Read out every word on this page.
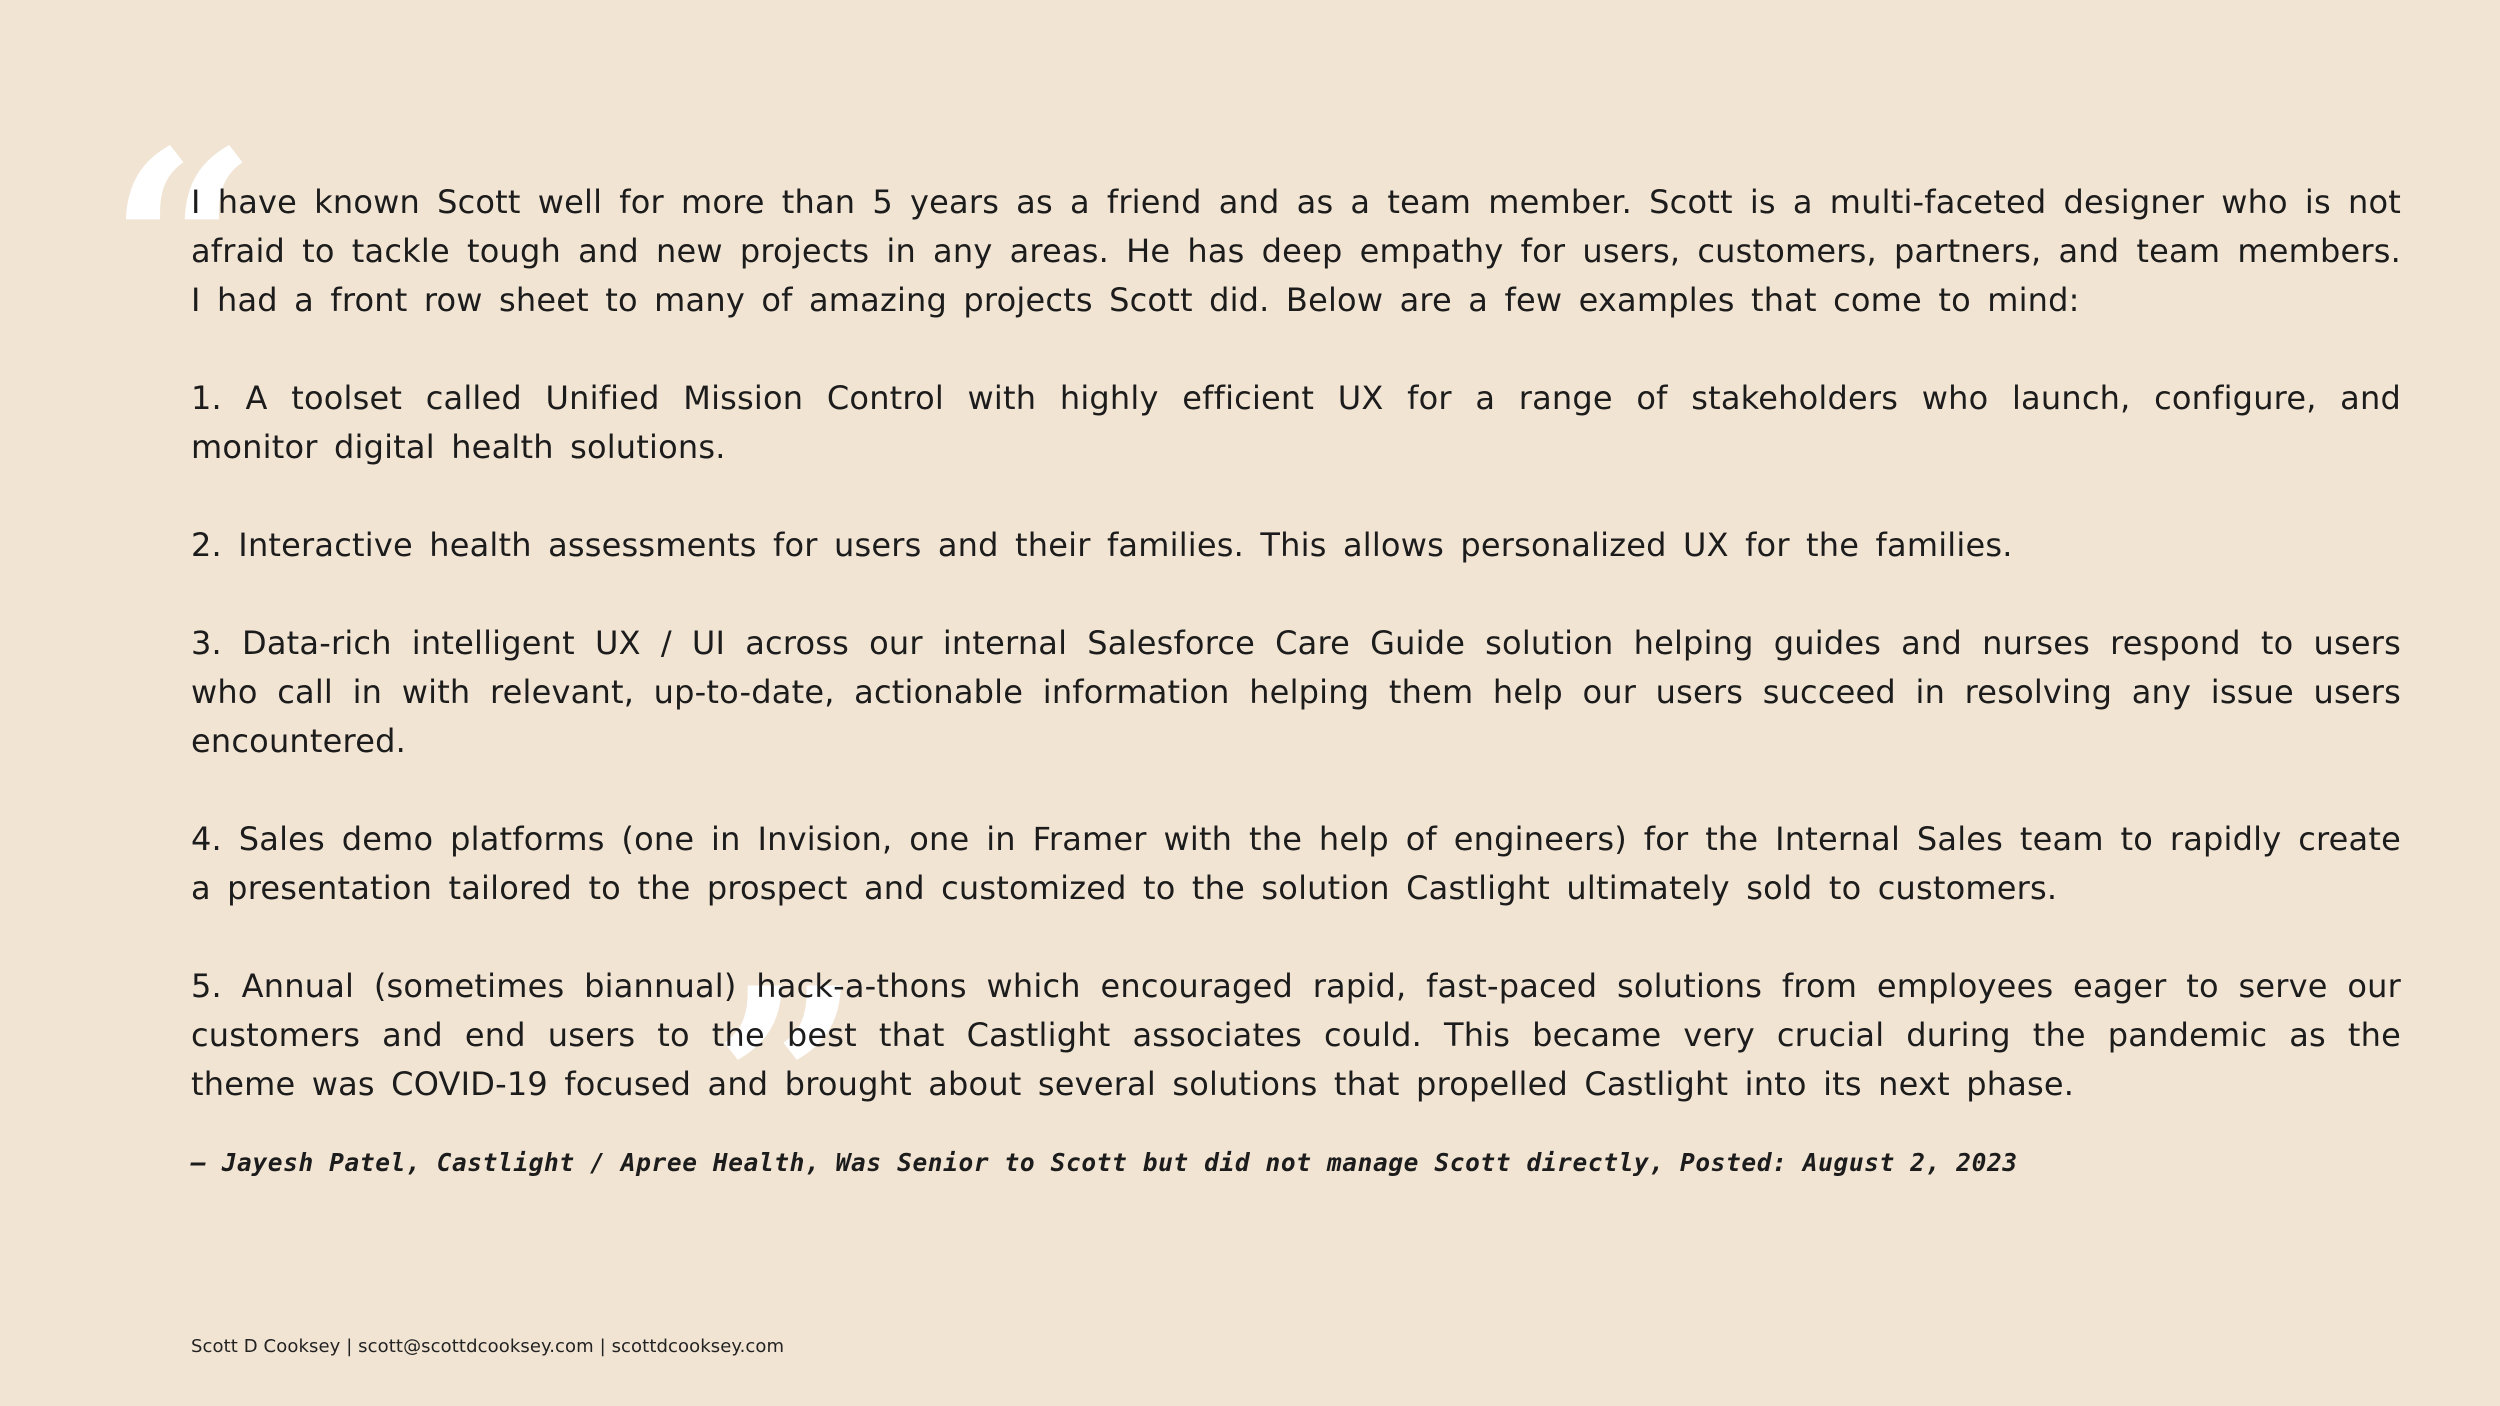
“

I have known Scott well for more than 5 years as a friend and as a team member. Scott is a multi-faceted designer who is not afraid to tackle tough and new projects in any areas. He has deep empathy for users, customers, partners, and team members. I had a front row sheet to many of amazing projects Scott did. Below are a few examples that come to mind:

1. A toolset called Unified Mission Control with highly efficient UX for a range of stakeholders who launch, configure, and monitor digital health solutions.

2. Interactive health assessments for users and their families. This allows personalized UX for the families.

3. Data-rich intelligent UX / UI across our internal Salesforce Care Guide solution helping guides and nurses respond to users who call in with relevant, up-to-date, actionable information helping them help our users succeed in resolving any issue users encountered.

4. Sales demo platforms (one in Invision, one in Framer with the help of engineers) for the Internal Sales team to rapidly create a presentation tailored to the prospect and customized to the solution Castlight ultimately sold to customers.

5. Annual (sometimes biannual) hack-a-thons which encouraged rapid, fast-paced solutions from employees eager to serve our customers and end users to the best that Castlight associates could. This became very crucial during the pandemic as the theme was COVID-19 focused and brought about several solutions that propelled Castlight into its next phase.

”
— Jayesh Patel, Castlight / Apree Health, Was Senior to Scott but did not manage Scott directly, Posted: August 2, 2023
Scott D Cooksey | scott@scottdcooksey.com | scottdcooksey.com
